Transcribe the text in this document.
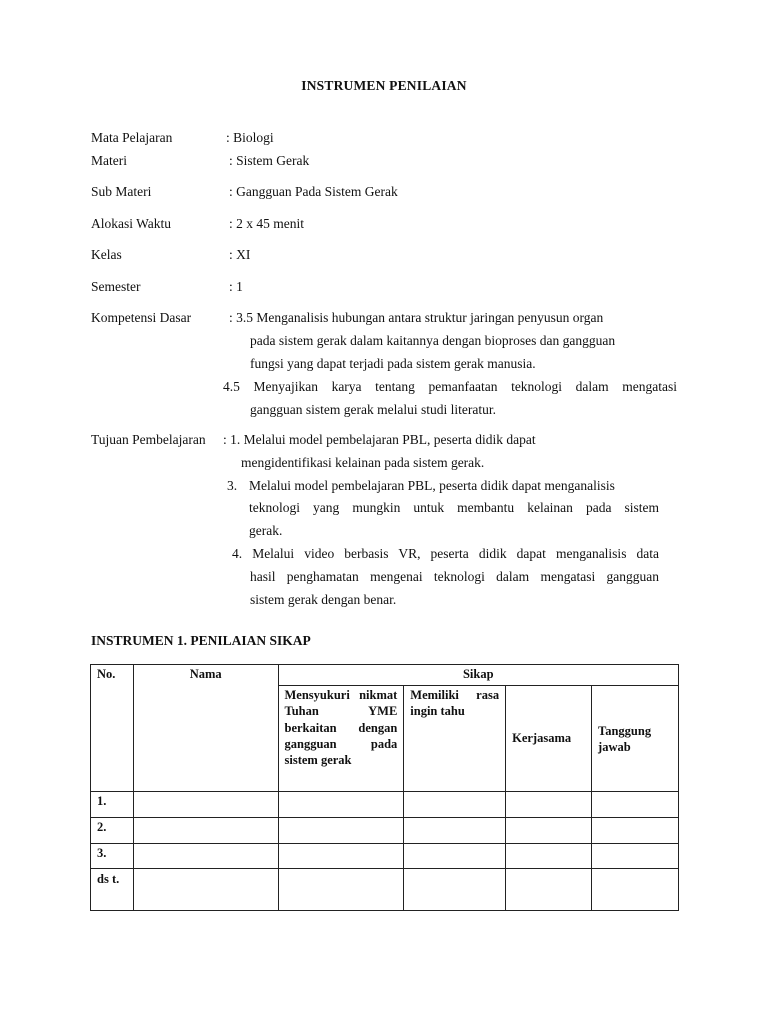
INSTRUMEN PENILAIAN
Mata Pelajaran	: Biologi
Materi	: Sistem Gerak
Sub Materi	: Gangguan Pada Sistem Gerak
Alokasi Waktu	: 2 x 45 menit
Kelas	: XI
Semester	: 1
Kompetensi Dasar	: 3.5 Menganalisis hubungan antara struktur jaringan penyusun organ
pada sistem gerak dalam kaitannya dengan bioproses dan gangguan
fungsi yang dapat terjadi pada sistem gerak manusia.
4.5 Menyajikan karya tentang pemanfaatan teknologi dalam mengatasi
gangguan sistem gerak melalui studi literatur.
Tujuan Pembelajaran : 1. Melalui model pembelajaran PBL, peserta didik dapat
mengidentifikasi kelainan pada sistem gerak.
3. Melalui model pembelajaran PBL, peserta didik dapat menganalisis
teknologi yang mungkin untuk membantu kelainan pada sistem
gerak.
4. Melalui video berbasis VR, peserta didik dapat menganalisis data
hasil penghamatan mengenai teknologi dalam mengatasi gangguan
sistem gerak dengan benar.
INSTRUMEN 1. PENILAIAN SIKAP
No.	Nama	Sikap			
		Mensyukuri nikmat Tuhan YME berkaitan dengan gangguan pada sistem gerak	Memiliki rasa ingin tahu	Kerjasama	Tanggung jawab
1.					
2.					
3.					
ds t.					
